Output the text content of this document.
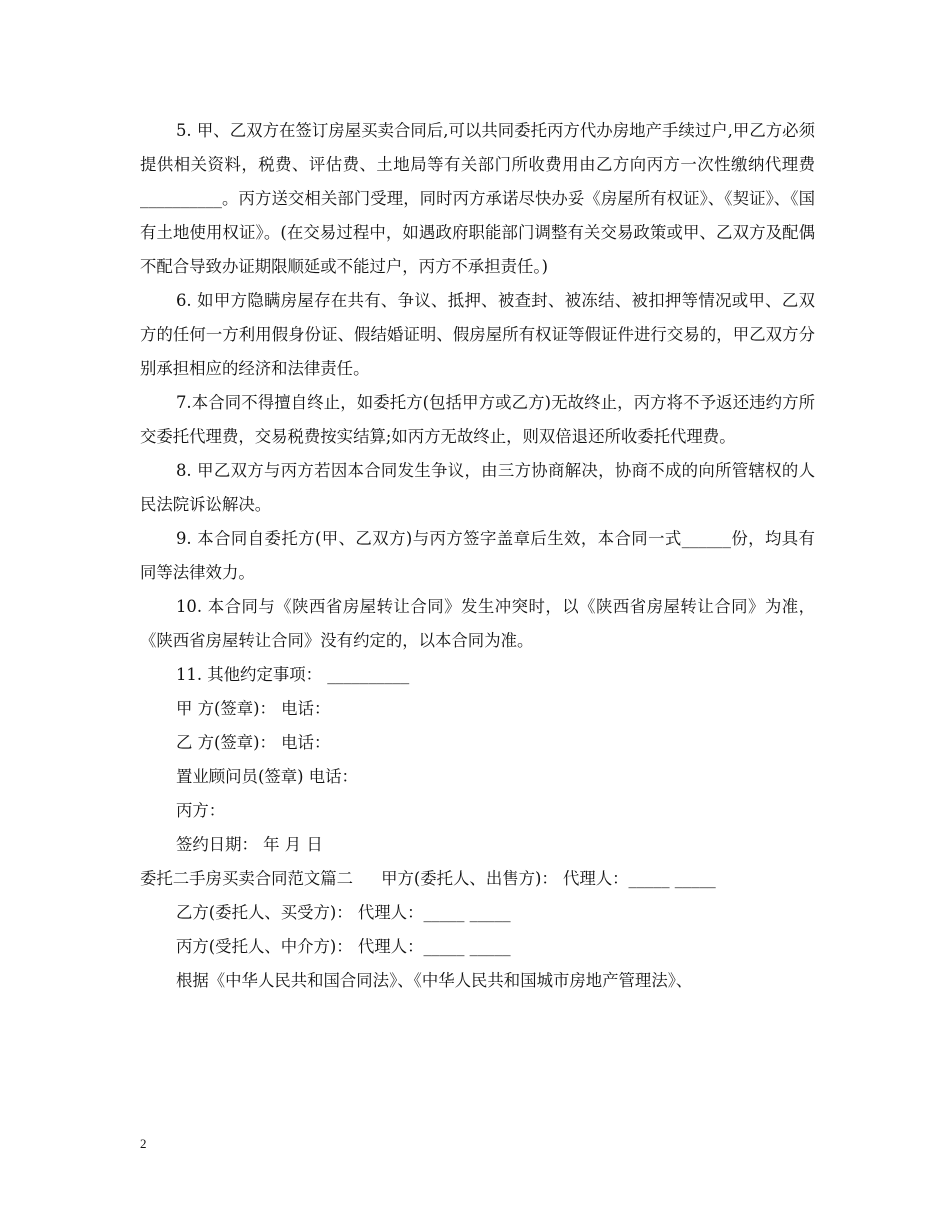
5. 甲、乙双方在签订房屋买卖合同后,可以共同委托丙方代办房地产手续过户,甲乙方必须提供相关资料，税费、评估费、土地局等有关部门所收费用由乙方向丙方一次性缴纳代理费__________。丙方送交相关部门受理，同时丙方承诺尽快办妥《房屋所有权证》、《契证》、《国有土地使用权证》。(在交易过程中，如遇政府职能部门调整有关交易政策或甲、乙双方及配偶不配合导致办证期限顺延或不能过户，丙方不承担责任。)

6. 如甲方隐瞒房屋存在共有、争议、抵押、被查封、被冻结、被扣押等情况或甲、乙双方的任何一方利用假身份证、假结婚证明、假房屋所有权证等假证件进行交易的，甲乙双方分别承担相应的经济和法律责任。

7.本合同不得擅自终止，如委托方(包括甲方或乙方)无故终止，丙方将不予返还违约方所交委托代理费，交易税费按实结算;如丙方无故终止，则双倍退还所收委托代理费。

8. 甲乙双方与丙方若因本合同发生争议，由三方协商解决，协商不成的向所管辖权的人民法院诉讼解决。

9. 本合同自委托方(甲、乙双方)与丙方签字盖章后生效，本合同一式______份，均具有同等法律效力。

10. 本合同与《陕西省房屋转让合同》发生冲突时，以《陕西省房屋转让合同》为准，《陕西省房屋转让合同》没有约定的，以本合同为准。

11. 其他约定事项： __________

甲 方(签章)： 电话：

乙 方(签章)： 电话：

置业顾问员(签章) 电话：

丙方：

签约日期： 年 月 日

委托二手房买卖合同范文篇二 甲方(委托人、出售方)： 代理人：_____ _____

乙方(委托人、买受方)： 代理人：_____ _____

丙方(受托人、中介方)： 代理人：_____ _____

根据《中华人民共和国合同法》、《中华人民共和国城市房地产管理法》、

2
